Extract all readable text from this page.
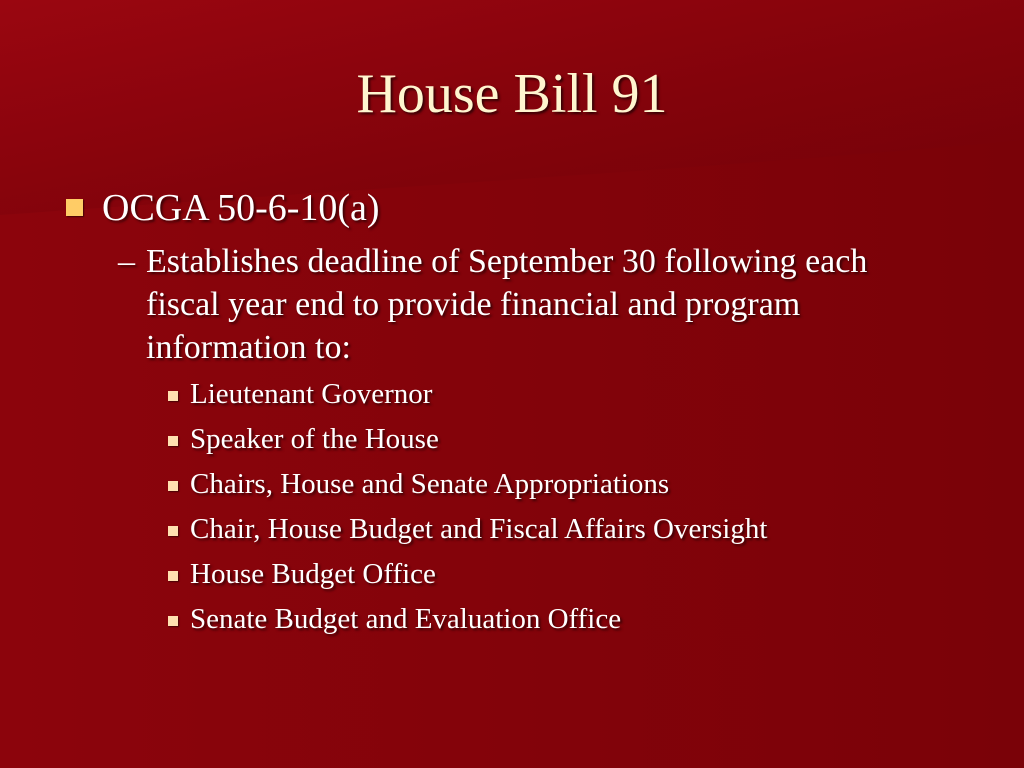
House Bill 91
OCGA 50-6-10(a)
– Establishes deadline of September 30 following each fiscal year end to provide financial and program information to:
Lieutenant Governor
Speaker of the House
Chairs, House and Senate Appropriations
Chair, House Budget and Fiscal Affairs Oversight
House Budget Office
Senate Budget and Evaluation Office
